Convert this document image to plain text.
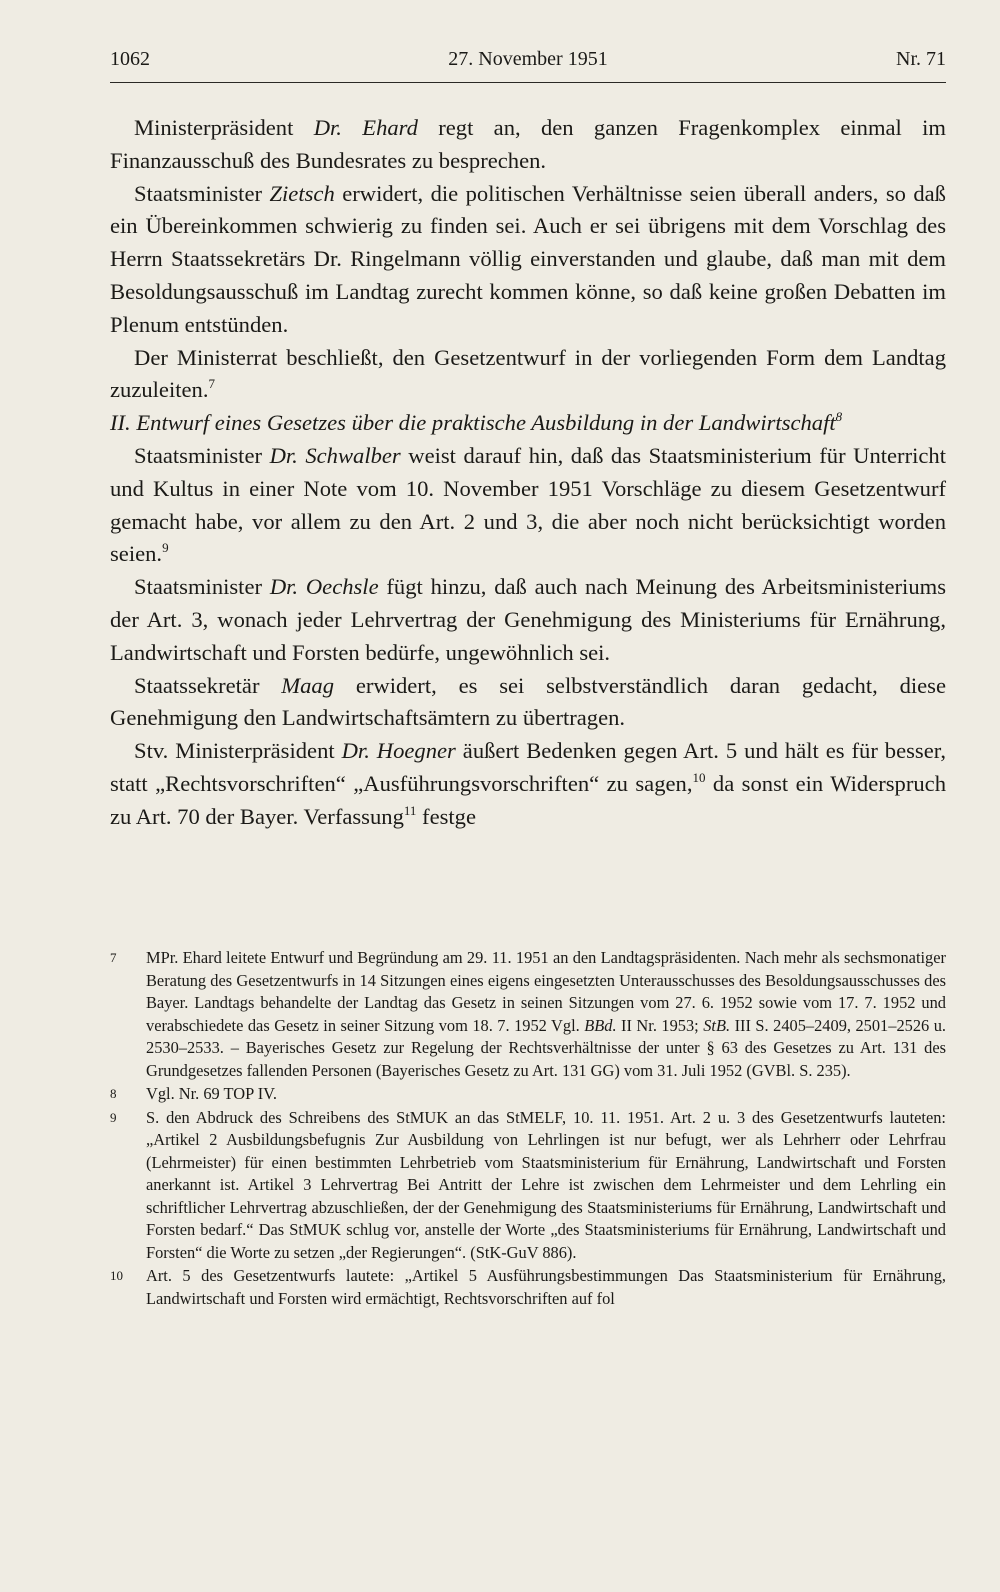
1062	27. November 1951	Nr. 71

Ministerpräsident Dr. Ehard regt an, den ganzen Fragenkomplex einmal im Finanzausschuß des Bundesrates zu besprechen.

Staatsminister Zietsch erwidert, die politischen Verhältnisse seien überall anders, so daß ein Übereinkommen schwierig zu finden sei. Auch er sei übrigens mit dem Vorschlag des Herrn Staatssekretärs Dr. Ringelmann völlig einverstanden und glaube, daß man mit dem Besoldungsausschuß im Landtag zurecht kommen könne, so daß keine großen Debatten im Plenum entstünden.

Der Ministerrat beschließt, den Gesetzentwurf in der vorliegenden Form dem Landtag zuzuleiten.$^7$

II. Entwurf eines Gesetzes über die praktische Ausbildung in der Landwirtschaft$^8$

Staatsminister Dr. Schwalber weist darauf hin, daß das Staatsministerium für Unterricht und Kultus in einer Note vom 10. November 1951 Vorschläge zu diesem Gesetzentwurf gemacht habe, vor allem zu den Art. 2 und 3, die aber noch nicht berücksichtigt worden seien.$^9$

Staatsminister Dr. Oechsle fügt hinzu, daß auch nach Meinung des Arbeitsministeriums der Art. 3, wonach jeder Lehrvertrag der Genehmigung des Ministeriums für Ernährung, Landwirtschaft und Forsten bedürfe, ungewöhnlich sei.

Staatssekretär Maag erwidert, es sei selbstverständlich daran gedacht, diese Genehmigung den Landwirtschaftsämtern zu übertragen.

Stv. Ministerpräsident Dr. Hoegner äußert Bedenken gegen Art. 5 und hält es für besser, statt „Rechtsvorschriften“ „Ausführungsvorschriften“ zu sagen,$^{10}$ da sonst ein Widerspruch zu Art. 70 der Bayer. Verfassung$^{11}$ festge

7	MPr. Ehard leitete Entwurf und Begründung am 29. 11. 1951 an den Landtagspräsidenten. Nach mehr als sechsmonatiger Beratung des Gesetzentwurfs in 14 Sitzungen eines eigens eingesetzten Unterausschusses des Besoldungsausschusses des Bayer. Landtags behandelte der Landtag das Gesetz in seinen Sitzungen vom 27. 6. 1952 sowie vom 17. 7. 1952 und verabschiedete das Gesetz in seiner Sitzung vom 18. 7. 1952 Vgl. BBd. II Nr. 1953; StB. III S. 2405–2409, 2501–2526 u. 2530–2533. – Bayerisches Gesetz zur Regelung der Rechtsverhältnisse der unter § 63 des Gesetzes zu Art. 131 des Grundgesetzes fallenden Personen (Bayerisches Gesetz zu Art. 131 GG) vom 31. Juli 1952 (GVBl. S. 235).
8	Vgl. Nr. 69 TOP IV.
9	S. den Abdruck des Schreibens des StMUK an das StMELF, 10. 11. 1951. Art. 2 u. 3 des Gesetzentwurfs lauteten: „Artikel 2 Ausbildungsbefugnis Zur Ausbildung von Lehrlingen ist nur befugt, wer als Lehrherr oder Lehrfrau (Lehrmeister) für einen bestimmten Lehrbetrieb vom Staatsministerium für Ernährung, Landwirtschaft und Forsten anerkannt ist. Artikel 3 Lehrvertrag Bei Antritt der Lehre ist zwischen dem Lehrmeister und dem Lehrling ein schriftlicher Lehrvertrag abzuschließen, der der Genehmigung des Staatsministeriums für Ernährung, Landwirtschaft und Forsten bedarf.“ Das StMUK schlug vor, anstelle der Worte „des Staatsministeriums für Ernährung, Landwirtschaft und Forsten“ die Worte zu setzen „der Regierungen“. (StK-GuV 886).
10	Art. 5 des Gesetzentwurfs lautete: „Artikel 5 Ausführungsbestimmungen Das Staatsministerium für Ernährung, Landwirtschaft und Forsten wird ermächtigt, Rechtsvorschriften auf fol
